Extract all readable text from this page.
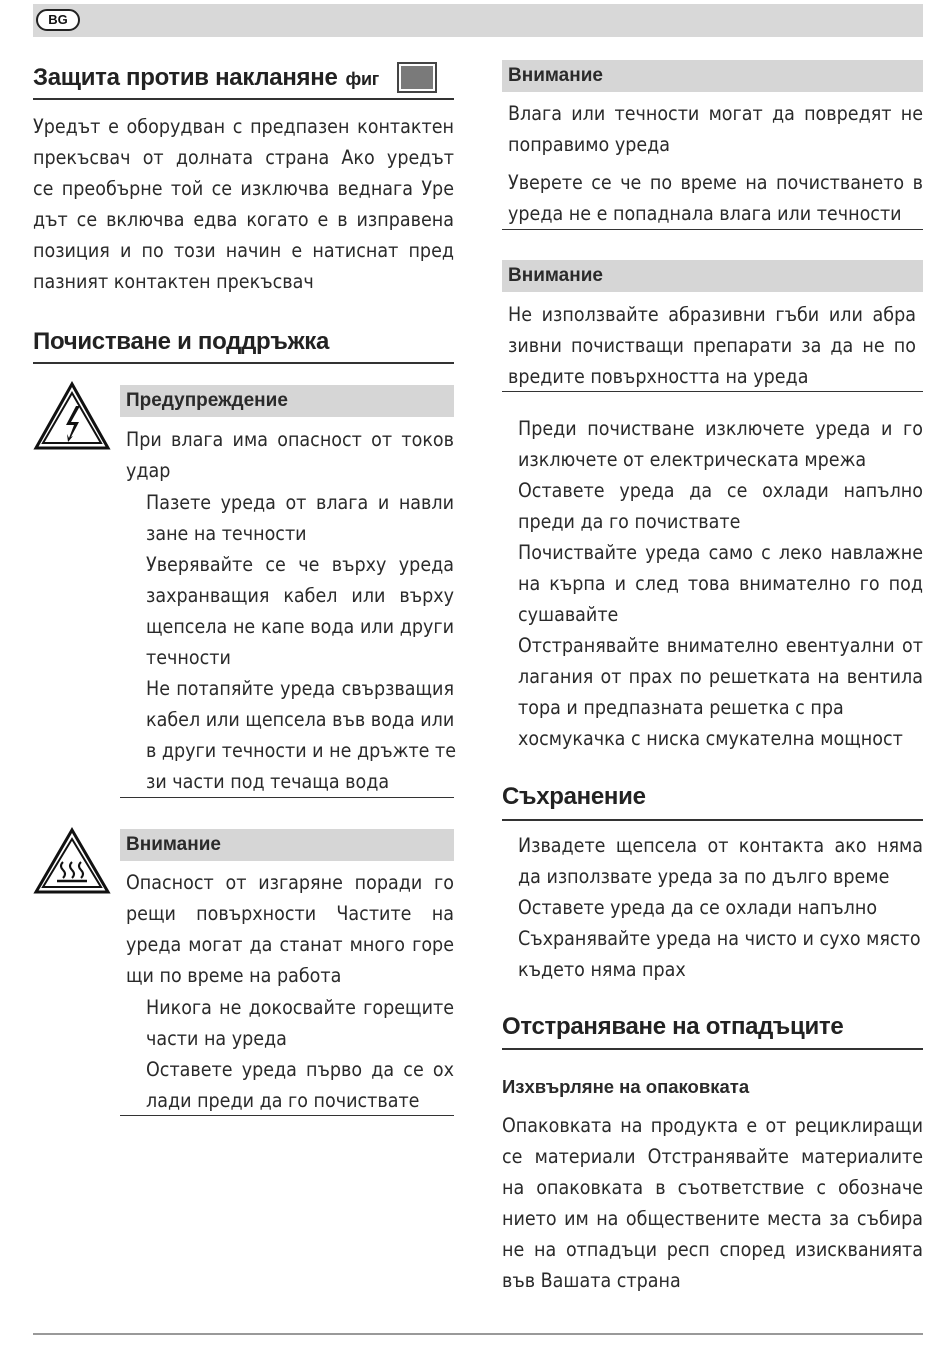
BG
Защита против накланяне фиг
Уредът е оборудван с предпазен контактен
прекъсвач от долната страна Ако уредът
се преобърне той се изключва веднага Уре
дът се включва едва когато е в изправена
позиция и по този начин е натиснат пред
пазният контактен прекъсвач
Почистване и поддръжка
Предупреждение
При влага има опасност от токов
удар
Пазете уреда от влага и навли
зане на течности
Уверявайте се че върху уреда
захранващия кабел или върху
щепсела не капе вода или други
течности
Не потапяйте уреда свързващия
кабел или щепсела във вода или
в други течности и не дръжте те
зи части под течаща вода
Внимание
Опасност от изгаряне поради го
рещи повърхности Частите на
уреда могат да станат много горе
щи по време на работа
Никога не докосвайте горещите
части на уреда
Оставете уреда първо да се ох
лади преди да го почиствате
Внимание
Влага или течности могат да повредят не
поправимо уреда
Уверете се че по време на почистването в
уреда не е попаднала влага или течности
Внимание
Не използвайте абразивни гъби или абра
зивни почистващи препарати за да не по
вредите повърхността на уреда
Преди почистване изключете уреда и го
изключете от електрическата мрежа
Оставете уреда да се охлади напълно
преди да го почиствате
Почиствайте уреда само с леко навлажне
на кърпа и след това внимателно го под
сушавайте
Отстранявайте внимателно евентуални от
лагания от прах по решетката на вентила
тора и предпазната решетка с пра
хосмукачка с ниска смукателна мощност
Съхранение
Извадете щепсела от контакта ако няма
да използвате уреда за по дълго време
Оставете уреда да се охлади напълно
Съхранявайте уреда на чисто и сухо място
където няма прах
Отстраняване на отпадъците
Изхвърляне на опаковката
Опаковката на продукта е от рециклиращи
се материали Отстранявайте материалите
на опаковката в съответствие с обозначе
нието им на обществените места за събира
не на отпадъци респ според изискванията
във Вашата страна
